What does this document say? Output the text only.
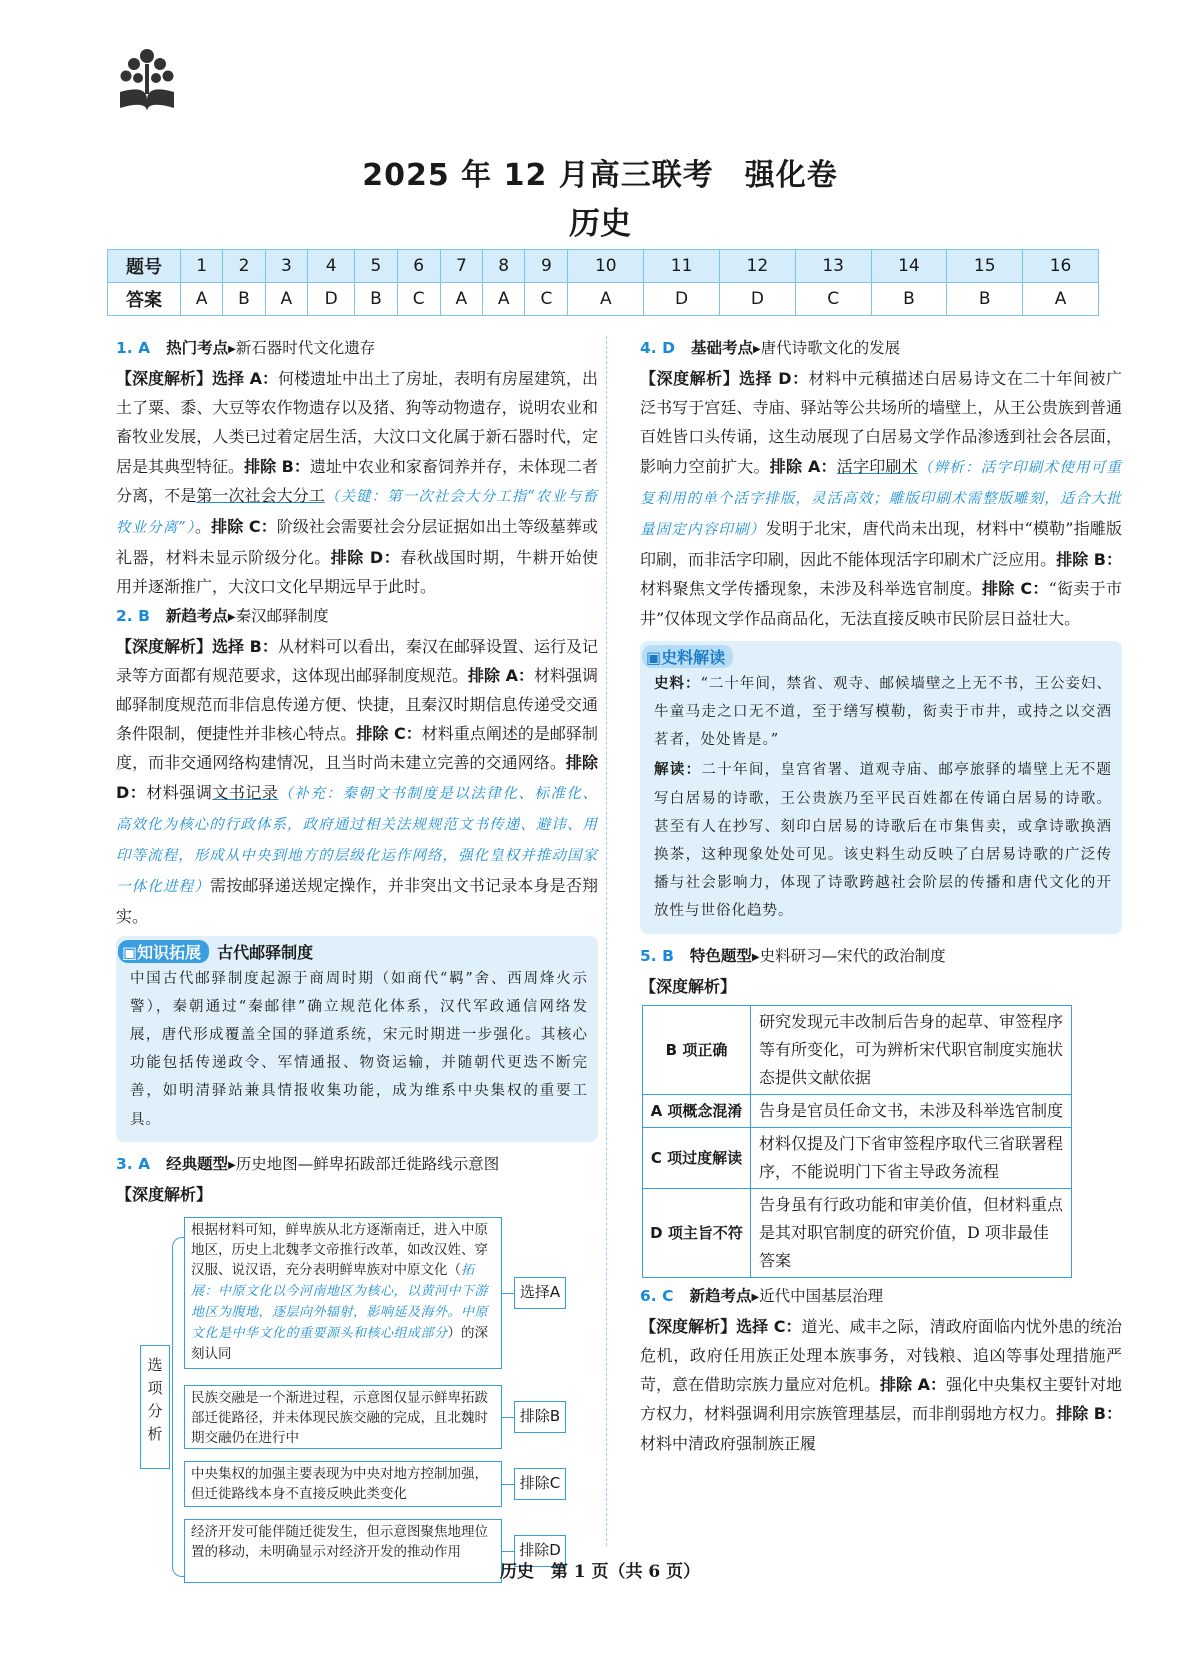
2025 年 12 月高三联考　强化卷
历史
题号	1	2	3	4	5	6	7	8	9	10	11	12	13	14	15	16
答案	A	B	A	D	B	C	A	A	C	A	D	D	C	B	B	A
1. A 热门考点▶新石器时代文化遗存
【深度解析】选择 A：何楼遗址中出土了房址，表明有房屋建筑，出土了粟、黍、大豆等农作物遗存以及猪、狗等动物遗存，说明农业和畜牧业发展，人类已过着定居生活，大汶口文化属于新石器时代，定居是其典型特征。排除 B：遗址中农业和家畜饲养并存，未体现二者分离，不是第一次社会大分工（关键：第一次社会大分工指“农业与畜牧业分离”）。排除 C：阶级社会需要社会分层证据如出土等级墓葬或礼器，材料未显示阶级分化。排除 D：春秋战国时期，牛耕开始使用并逐渐推广，大汶口文化早期远早于此时。
2. B 新趋考点▶秦汉邮驿制度
【深度解析】选择 B：从材料可以看出，秦汉在邮驿设置、运行及记录等方面都有规范要求，这体现出邮驿制度规范。排除 A：材料强调邮驿制度规范而非信息传递方便、快捷，且秦汉时期信息传递受交通条件限制，便捷性并非核心特点。排除 C：材料重点阐述的是邮驿制度，而非交通网络构建情况，且当时尚未建立完善的交通网络。排除 D：材料强调文书记录（补充：秦朝文书制度是以法律化、标准化、高效化为核心的行政体系，政府通过相关法规规范文书传递、避讳、用印等流程，形成从中央到地方的层级化运作网络，强化皇权并推动国家一体化进程）需按邮驿递送规定操作，并非突出文书记录本身是否翔实。
▣知识拓展 古代邮驿制度
中国古代邮驿制度起源于商周时期（如商代“羁”舍、西周烽火示警），秦朝通过“秦邮律”确立规范化体系，汉代军政通信网络发展，唐代形成覆盖全国的驿道系统，宋元时期进一步强化。其核心功能包括传递政令、军情通报、物资运输，并随朝代更迭不断完善，如明清驿站兼具情报收集功能，成为维系中央集权的重要工具。
3. A 经典题型▶历史地图—鲜卑拓跋部迁徙路线示意图
【深度解析】
选项分析
根据材料可知，鲜卑族从北方逐渐南迁，进入中原地区，历史上北魏孝文帝推行改革，如改汉姓、穿汉服、说汉语，充分表明鲜卑族对中原文化（拓展：中原文化以今河南地区为核心，以黄河中下游地区为腹地，逐层向外辐射，影响延及海外。中原文化是中华文化的重要源头和核心组成部分）的深刻认同
选择A
民族交融是一个渐进过程，示意图仅显示鲜卑拓跋部迁徙路径，并未体现民族交融的完成，且北魏时期交融仍在进行中
排除B
中央集权的加强主要表现为中央对地方控制加强，但迁徙路线本身不直接反映此类变化
排除C
经济开发可能伴随迁徙发生，但示意图聚焦地理位置的移动，未明确显示对经济开发的推动作用	排除D
4. D 基础考点▶唐代诗歌文化的发展
【深度解析】选择 D：材料中元稹描述白居易诗文在二十年间被广泛书写于宫廷、寺庙、驿站等公共场所的墙壁上，从王公贵族到普通百姓皆口头传诵，这生动展现了白居易文学作品渗透到社会各层面，影响力空前扩大。排除 A：活字印刷术（辨析：活字印刷术使用可重复利用的单个活字排版，灵活高效；雕版印刷术需整版雕刻，适合大批量固定内容印刷）发明于北宋，唐代尚未出现，材料中“模勒”指雕版印刷，而非活字印刷，因此不能体现活字印刷术广泛应用。排除 B：材料聚焦文学传播现象，未涉及科举选官制度。排除 C：“衒卖于市井”仅体现文学作品商品化，无法直接反映市民阶层日益壮大。
▣史料解读
史料：“二十年间，禁省、观寺、邮候墙壁之上无不书，王公妾妇、牛童马走之口无不道，至于缮写模勒，衒卖于市井，或持之以交酒茗者，处处皆是。”
解读：二十年间，皇宫省署、道观寺庙、邮亭旅驿的墙壁上无不题写白居易的诗歌，王公贵族乃至平民百姓都在传诵白居易的诗歌。甚至有人在抄写、刻印白居易的诗歌后在市集售卖，或拿诗歌换酒换茶，这种现象处处可见。该史料生动反映了白居易诗歌的广泛传播与社会影响力，体现了诗歌跨越社会阶层的传播和唐代文化的开放性与世俗化趋势。
5. B 特色题型▶史料研习—宋代的政治制度
【深度解析】
B 项正确	研究发现元丰改制后告身的起草、审签程序等有所变化，可为辨析宋代职官制度实施状态提供文献依据
A 项概念混淆	告身是官员任命文书，未涉及科举选官制度
C 项过度解读	材料仅提及门下省审签程序取代三省联署程序，不能说明门下省主导政务流程
D 项主旨不符	告身虽有行政功能和审美价值，但材料重点是其对职官制度的研究价值，D 项非最佳答案
6. C 新趋考点▶近代中国基层治理
【深度解析】选择 C：道光、咸丰之际，清政府面临内忧外患的统治危机，政府任用族正处理本族事务，对钱粮、追凶等事处理措施严苛，意在借助宗族力量应对危机。排除 A：强化中央集权主要针对地方权力，材料强调利用宗族管理基层，而非削弱地方权力。排除 B：材料中清政府强制族正履
历史　第 1 页（共 6 页）
